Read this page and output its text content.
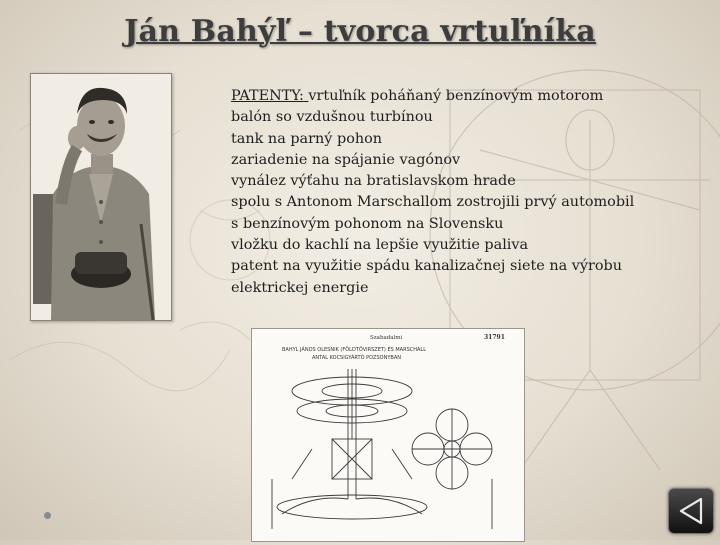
Ján Bahýľ – tvorca vrtuľníka
PATENTY: vrtuľník poháňaný benzínovým motorom
balón so vzdušnou turbínou
tank na parný pohon
zariadenie na spájanie vagónov
vynález výťahu na bratislavskom hrade
spolu s Antonom Marschallom zostrojili prvý automobil
s benzínovým pohonom na Slovensku
vložku do kachlí na lepšie využitie paliva
patent na využitie spádu kanalizačnej siete na výrobu
elektrickej energie
Szabadalmi	31791
BAHYL JÁNOS OLESNIK (FÖLDTÖVIRSZET) ÉS MARSCHALL
ANTAL KOCSIGYÁRTÓ POZSONYBAN
